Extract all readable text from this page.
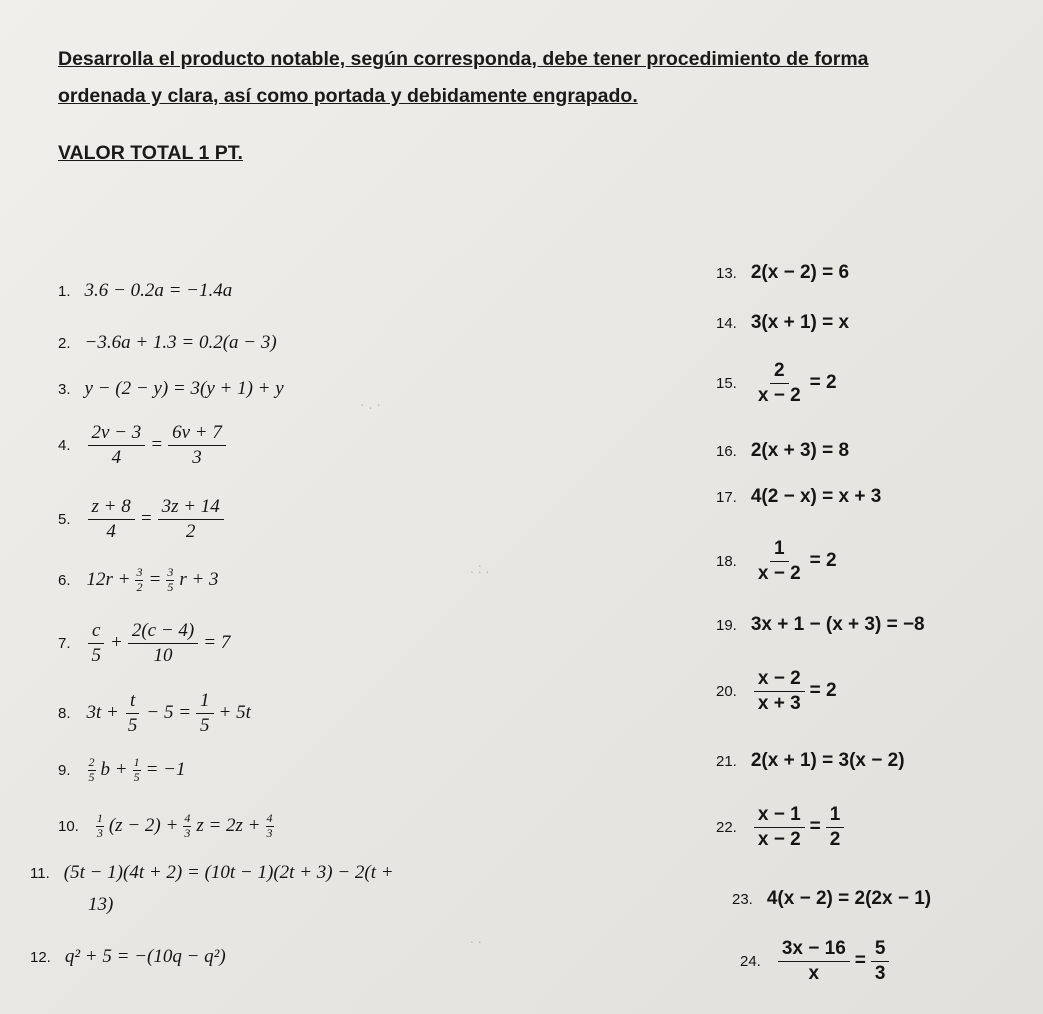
Desarrolla el producto notable, según corresponda, debe tener procedimiento de forma
ordenada y clara, así como portada y debidamente engrapado.
VALOR TOTAL 1 PT.
· . ·
. : .
. .
1. 3.6 − 0.2a = −1.4a
2. −3.6a + 1.3 = 0.2(a − 3)
3. y − (2 − y) = 3(y + 1) + y
4. $\frac{2v - 3}{4} = \frac{6v + 7}{3}$
5. $\frac{z + 8}{4} = \frac{3z + 14}{2}$
6. $12r + \frac{3}{2} = \frac{3}{5}$ r + 3
7. $\frac{c}{5} + \frac{2(c - 4)}{10} = 7$
8. $3t + \frac{t}{5} - 5 = \frac{1}{5} + 5t$
9. $\frac{2}{5}$ $b + \frac{1}{5} = -1$
10. $\frac{1}{3} (z - 2) + \frac{4}{3}$ $z = 2z + \frac{4}{3}$
11. (5t − 1)(4t + 2) = (10t − 1)(2t + 3) − 2(t +
13)
12. q² + 5 = −(10q − q²)
13. 2(x − 2) = 6
14. 3(x + 1) = x
15. $\frac{2}{x - 2} = 2$
16. 2(x + 3) = 8
17. 4(2 − x) = x + 3
18. $\frac{1}{x - 2} = 2$
19. 3x + 1 − (x + 3) = −8
20. $\frac{x - 2}{x + 3} = 2$
21. 2(x + 1) = 3(x − 2)
22. $\frac{x - 1}{x - 2} = \frac{1}{2}$
23. 4(x − 2) = 2(2x − 1)
24. $\frac{3x - 16}{x} = \frac{5}{3}$
